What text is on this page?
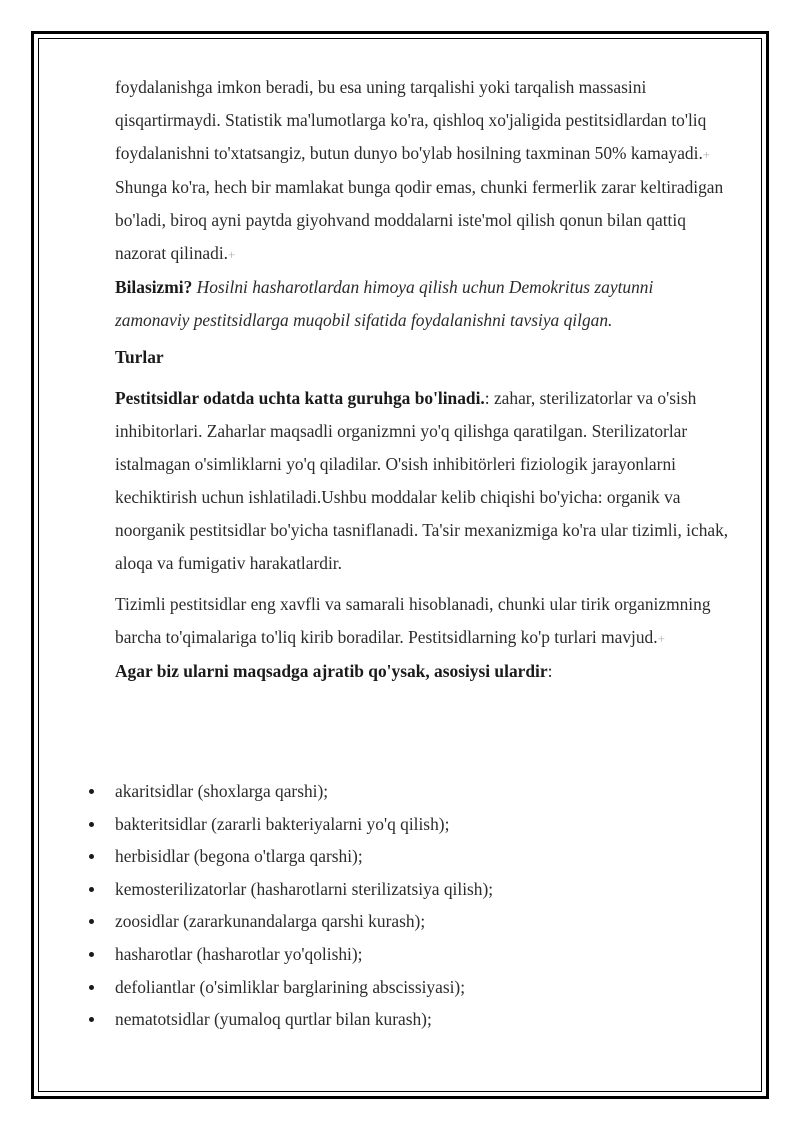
foydalanishga imkon beradi, bu esa uning tarqalishi yoki tarqalish massasini qisqartirmaydi. Statistik ma'lumotlarga ko'ra, qishloq xo'jaligida pestitsidlardan to'liq foydalanishni to'xtatsangiz, butun dunyo bo'ylab hosilning taxminan 50% kamayadi.+

Shunga ko'ra, hech bir mamlakat bunga qodir emas, chunki fermerlik zarar keltiradigan bo'ladi, biroq ayni paytda giyohvand moddalarni iste'mol qilish qonun bilan qattiq nazorat qilinadi.+

Bilasizmi? Hosilni hasharotlardan himoya qilish uchun Demokritus zaytunni zamonaviy pestitsidlarga muqobil sifatida foydalanishni tavsiya qilgan.

Turlar

Pestitsidlar odatda uchta katta guruhga bo'linadi.: zahar, sterilizatorlar va o'sish inhibitorlari. Zaharlar maqsadli organizmni yo'q qilishga qaratilgan. Sterilizatorlar istalmagan o'simliklarni yo'q qiladilar. O'sish inhibitörleri fiziologik jarayonlarni kechiktirish uchun ishlatiladi.Ushbu moddalar kelib chiqishi bo'yicha: organik va noorganik pestitsidlar bo'yicha tasniflanadi. Ta'sir mexanizmiga ko'ra ular tizimli, ichak, aloqa va fumigativ harakatlardir.

Tizimli pestitsidlar eng xavfli va samarali hisoblanadi, chunki ular tirik organizmning barcha to'qimalariga to'liq kirib boradilar. Pestitsidlarning ko'p turlari mavjud.+

Agar biz ularni maqsadga ajratib qo'ysak, asosiysi ulardir:

akaritsidlar (shoxlarga qarshi);
bakteritsidlar (zararli bakteriyalarni yo'q qilish);
herbisidlar (begona o'tlarga qarshi);
kemosterilizatorlar (hasharotlarni sterilizatsiya qilish);
zoosidlar (zararkunandalarga qarshi kurash);
hasharotlar (hasharotlar yo'qolishi);
defoliantlar (o'simliklar barglarining abscissiyasi);
nematotsidlar (yumaloq qurtlar bilan kurash);
